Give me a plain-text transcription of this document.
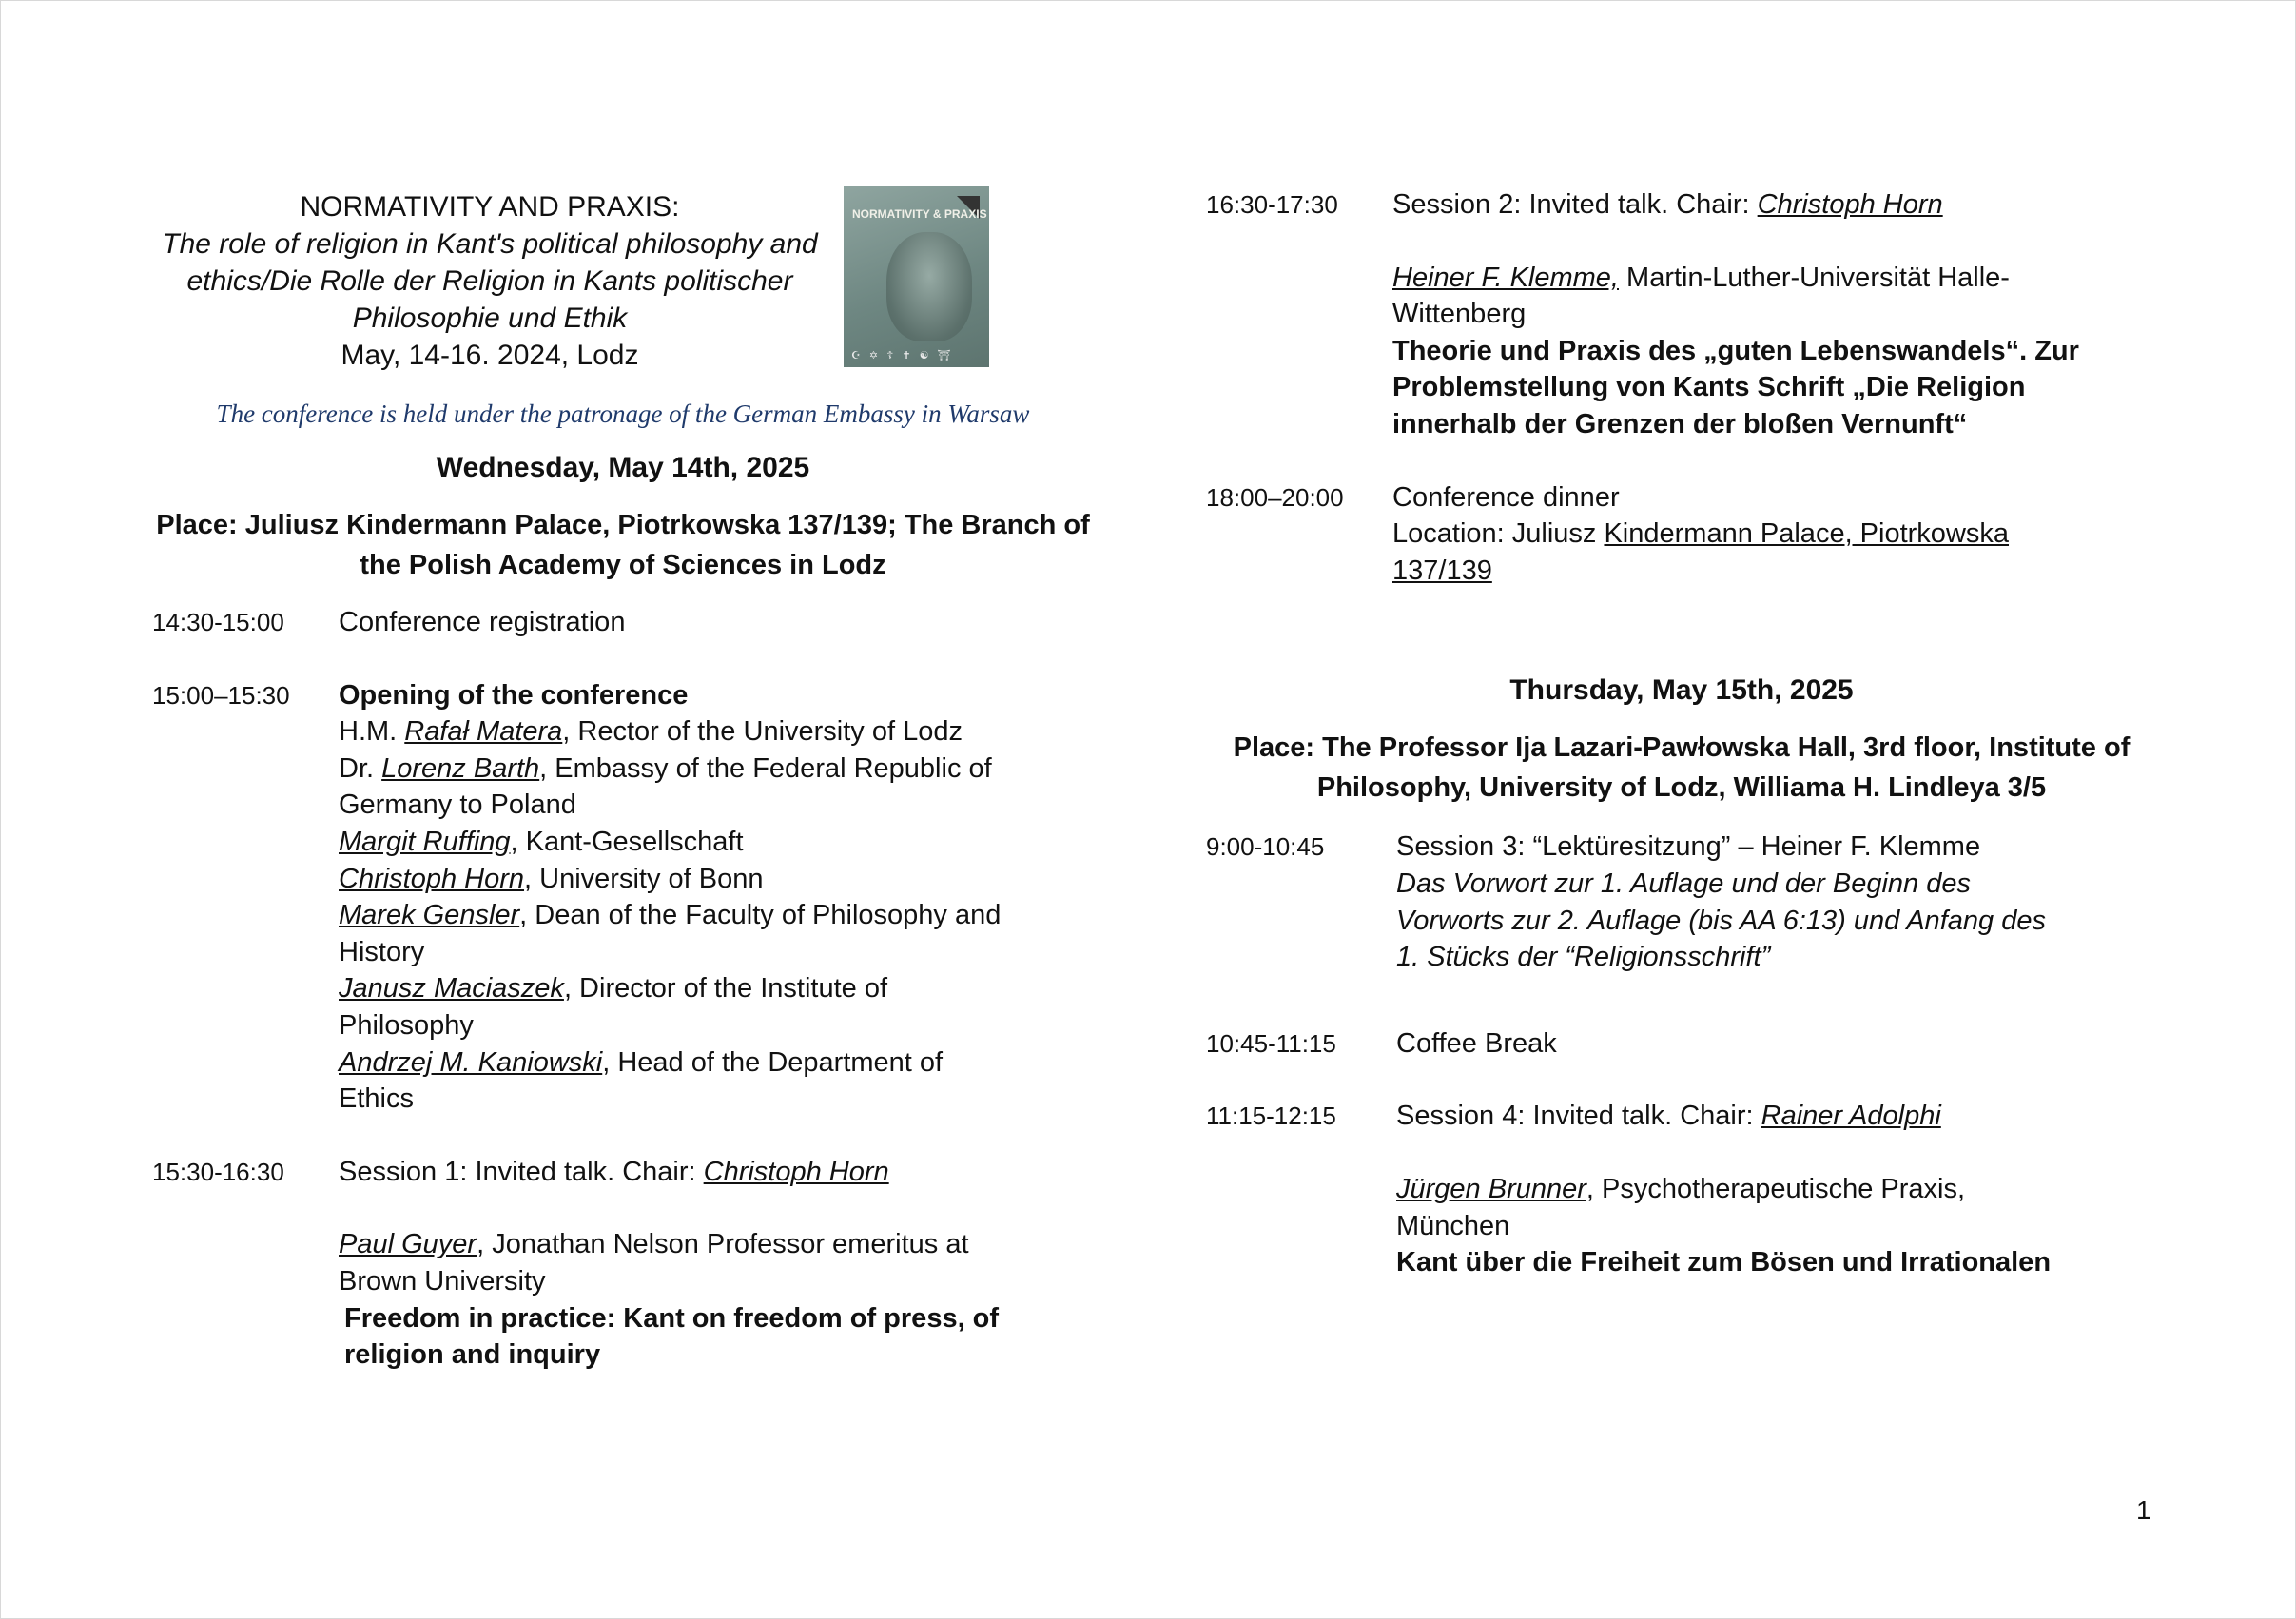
NORMATIVITY AND PRAXIS:
The role of religion in Kant's political philosophy and ethics/Die Rolle der Religion in Kants politischer Philosophie und Ethik
May, 14-16. 2024, Lodz
NORMATIVITY & PRAXIS
☪ ✡ ☦ ✝ ☯ ⛩
The conference is held under the patronage of the German Embassy in Warsaw
Wednesday, May 14th, 2025
Place: Juliusz Kindermann Palace, Piotrkowska 137/139; The Branch of the Polish Academy of Sciences in Lodz
14:30-15:00	Conference registration
15:00–15:30	Opening of the conference
H.M. Rafał Matera, Rector of the University of Lodz
Dr. Lorenz Barth, Embassy of the Federal Republic of Germany to Poland
Margit Ruffing, Kant-Gesellschaft
Christoph Horn, University of Bonn
Marek Gensler, Dean of the Faculty of Philosophy and History
Janusz Maciaszek, Director of the Institute of Philosophy
Andrzej M. Kaniowski, Head of the Department of Ethics
15:30-16:30	Session 1: Invited talk. Chair: Christoph Horn
Paul Guyer, Jonathan Nelson Professor emeritus at Brown University
Freedom in practice: Kant on freedom of press, of religion and inquiry
16:30-17:30	Session 2: Invited talk. Chair: Christoph Horn
Heiner F. Klemme, Martin-Luther-Universität Halle-Wittenberg
Theorie und Praxis des „guten Lebenswandels“. Zur Problemstellung von Kants Schrift „Die Religion innerhalb der Grenzen der bloßen Vernunft“
18:00–20:00	Conference dinner
Location: Juliusz Kindermann Palace, Piotrkowska 137/139
Thursday, May 15th, 2025
Place: The Professor Ija Lazari-Pawłowska Hall, 3rd floor, Institute of Philosophy, University of Lodz, Williama H. Lindleya 3/5
9:00-10:45	Session 3: “Lektüresitzung” – Heiner F. Klemme
Das Vorwort zur 1. Auflage und der Beginn des Vorworts zur 2. Auflage (bis AA 6:13) und Anfang des 1. Stücks der “Religionsschrift”
10:45-11:15	Coffee Break
11:15-12:15	Session 4: Invited talk. Chair: Rainer Adolphi
Jürgen Brunner, Psychotherapeutische Praxis, München
Kant über die Freiheit zum Bösen und Irrationalen
1
